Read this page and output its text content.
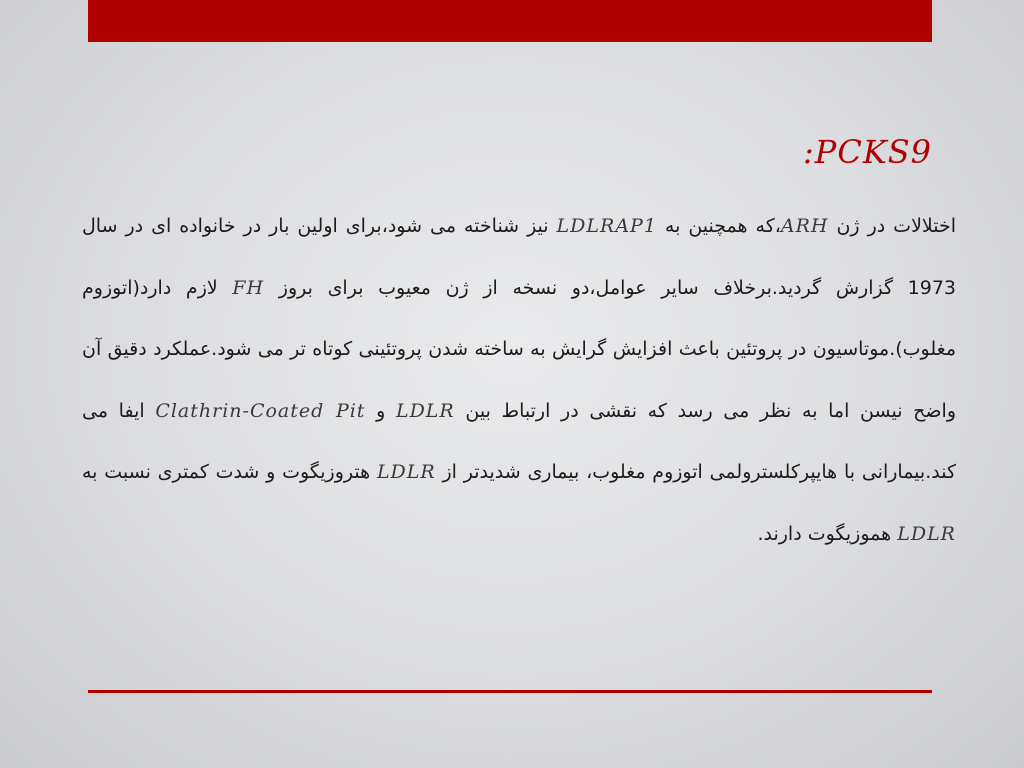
:PCKS9

اختلالات در ژن ARH،که همچنین به LDLRAP1 نیز شناخته می شود،برای اولین بار در خانواده ای در سال 1973 گزارش گردید.برخلاف سایر عوامل،دو نسخه از ژن معیوب برای بروز FH لازم دارد(اتوزوم مغلوب).موتاسیون در پروتئین باعث افزایش گرایش به ساخته شدن پروتئینی کوتاه تر می شود.عملکرد دقیق آن واضح نیسن اما به نظر می رسد که نقشی در ارتباط بین LDLR و Clathrin-Coated Pit ایفا می کند.بیمارانی با هایپرکلسترولمی اتوزوم مغلوب، بیماری شدیدتر از LDLR هتروزیگوت و شدت کمتری نسبت به LDLR هموزیگوت دارند.
